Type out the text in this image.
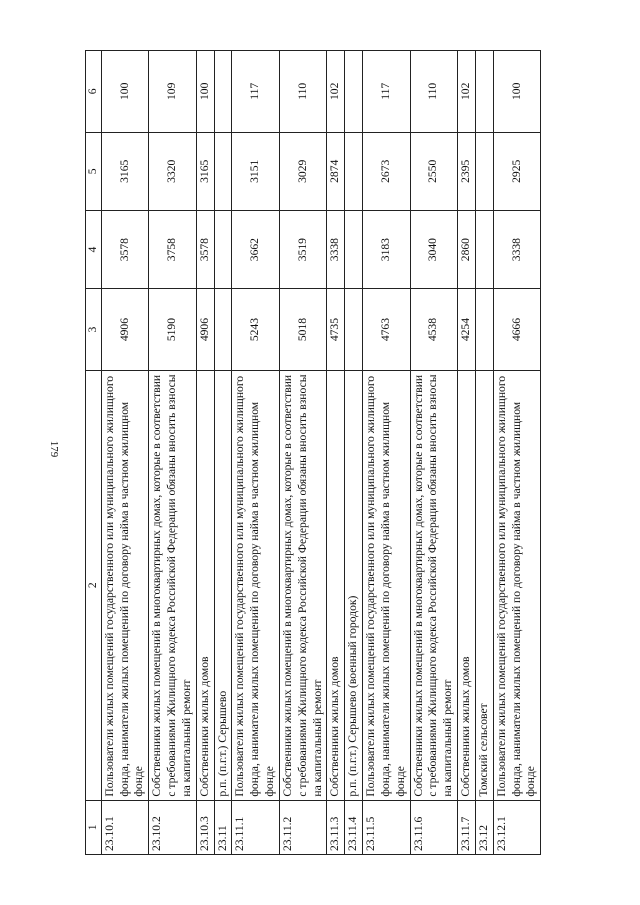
179
1	2	3	4	5	6
23.10.1	Пользователи жилых помещений государственного или муниципального жилищного фонда, наниматели жилых помещений по договору найма в частном жилищном фонде	4906	3578	3165	100
23.10.2	Собственники жилых помещений в многоквартирных домах, которые в соответствии с требованиями Жилищного кодекса Российской Федерации обязаны вносить взносы на капитальный ремонт	5190	3758	3320	109
23.10.3	Собственники жилых домов	4906	3578	3165	100
23.11	р.п. (п.г.т.) Серышево				
23.11.1	Пользователи жилых помещений государственного или муниципального жилищного фонда, наниматели жилых помещений по договору найма в частном жилищном фонде	5243	3662	3151	117
23.11.2	Собственники жилых помещений в многоквартирных домах, которые в соответствии с требованиями Жилищного кодекса Российской Федерации обязаны вносить взносы на капитальный ремонт	5018	3519	3029	110
23.11.3	Собственники жилых домов	4735	3338	2874	102
23.11.4	р.п. (п.г.т.) Серышево (военный городок)				
23.11.5	Пользователи жилых помещений государственного или муниципального жилищного фонда, наниматели жилых помещений по договору найма в частном жилищном фонде	4763	3183	2673	117
23.11.6	Собственники жилых помещений в многоквартирных домах, которые в соответствии с требованиями Жилищного кодекса Российской Федерации обязаны вносить взносы на капитальный ремонт	4538	3040	2550	110
23.11.7	Собственники жилых домов	4254	2860	2395	102
23.12	Томский сельсовет				
23.12.1	Пользователи жилых помещений государственного или муниципального жилищного фонда, наниматели жилых помещений по договору найма в частном жилищном фонде	4666	3338	2925	100
